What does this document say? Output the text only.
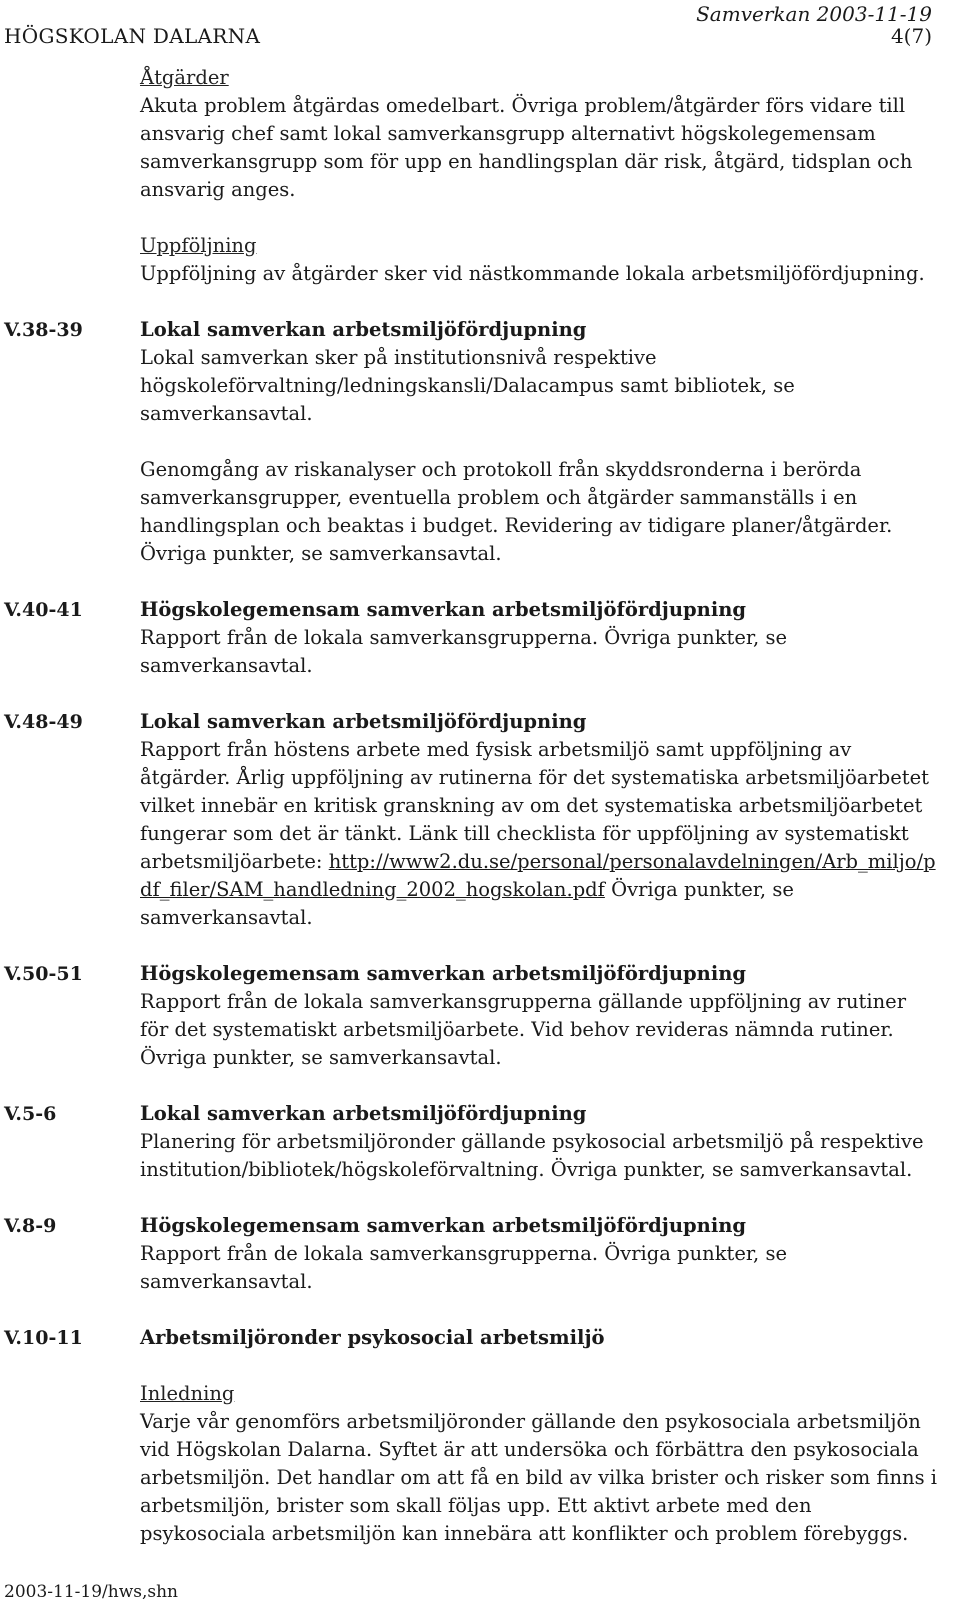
Samverkan 2003-11-19
HÖGSKOLAN DALARNA	4(7)
Åtgärder

Akuta problem åtgärdas omedelbart. Övriga problem/åtgärder förs vidare till ansvarig chef samt lokal samverkansgrupp alternativt högskolegemensam samverkansgrupp som för upp en handlingsplan där risk, åtgärd, tidsplan och ansvarig anges.

Uppföljning

Uppföljning av åtgärder sker vid nästkommande lokala arbetsmiljöfördjupning.

V.38-39	Lokal samverkan arbetsmiljöfördjupning

Lokal samverkan sker på institutionsnivå respektive högskoleförvaltning/ledningskansli/Dalacampus samt bibliotek, se samverkansavtal.

Genomgång av riskanalyser och protokoll från skyddsronderna i berörda samverkansgrupper, eventuella problem och åtgärder sammanställs i en handlingsplan och beaktas i budget. Revidering av tidigare planer/åtgärder. Övriga punkter, se samverkansavtal.

V.40-41	Högskolegemensam samverkan arbetsmiljöfördjupning

Rapport från de lokala samverkansgrupperna. Övriga punkter, se samverkansavtal.

V.48-49	Lokal samverkan arbetsmiljöfördjupning

Rapport från höstens arbete med fysisk arbetsmiljö samt uppföljning av åtgärder. Årlig uppföljning av rutinerna för det systematiska arbetsmiljöarbetet vilket innebär en kritisk granskning av om det systematiska arbetsmiljöarbetet fungerar som det är tänkt. Länk till checklista för uppföljning av systematiskt arbetsmiljöarbete: http://www2.du.se/personal/personalavdelningen/Arb_miljo/pdf_filer/SAM_handledning_2002_hogskolan.pdf Övriga punkter, se samverkansavtal.

V.50-51	Högskolegemensam samverkan arbetsmiljöfördjupning

Rapport från de lokala samverkansgrupperna gällande uppföljning av rutiner för det systematiskt arbetsmiljöarbete. Vid behov revideras nämnda rutiner. Övriga punkter, se samverkansavtal.

V.5-6	Lokal samverkan arbetsmiljöfördjupning

Planering för arbetsmiljöronder gällande psykosocial arbetsmiljö på respektive institution/bibliotek/högskoleförvaltning. Övriga punkter, se samverkansavtal.

V.8-9	Högskolegemensam samverkan arbetsmiljöfördjupning

Rapport från de lokala samverkansgrupperna. Övriga punkter, se samverkansavtal.

V.10-11	Arbetsmiljöronder psykosocial arbetsmiljö
Inledning

Varje vår genomförs arbetsmiljöronder gällande den psykosociala arbetsmiljön vid Högskolan Dalarna. Syftet är att undersöka och förbättra den psykosociala arbetsmiljön. Det handlar om att få en bild av vilka brister och risker som finns i arbetsmiljön, brister som skall följas upp. Ett aktivt arbete med den psykosociala arbetsmiljön kan innebära att konflikter och problem förebyggs.

2003-11-19/hws,shn
